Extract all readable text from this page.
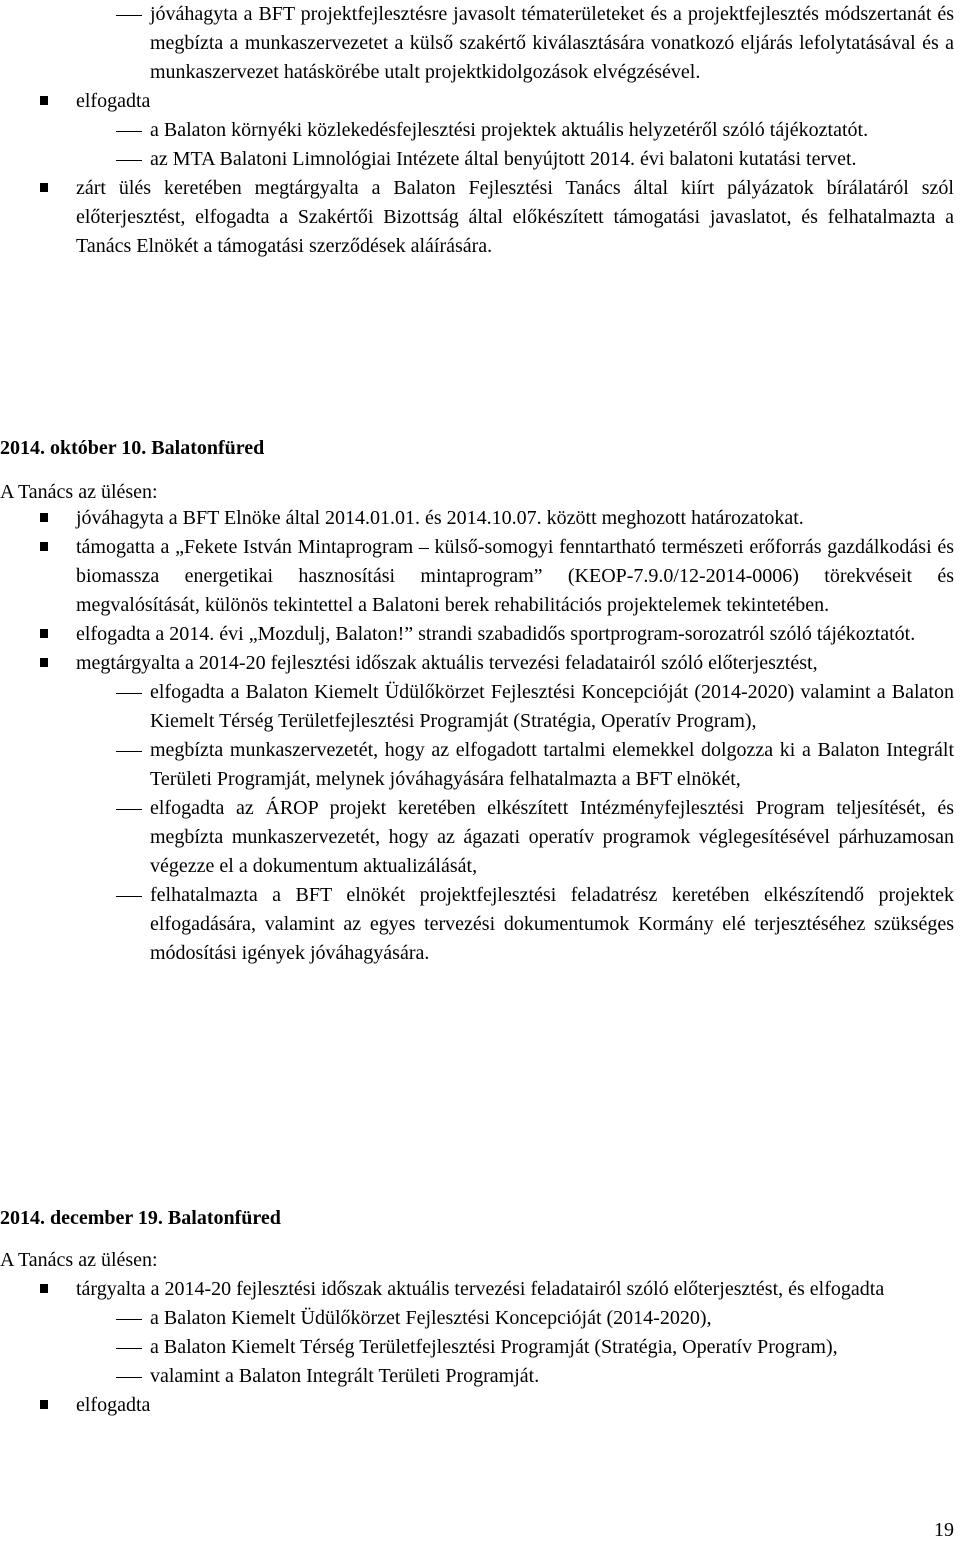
jóváhagyta a BFT projektfejlesztésre javasolt tématerületeket és a projektfejlesztés módszertanát és megbízta a munkaszervezetet a külső szakértő kiválasztására vonatkozó eljárás lefolytatásával és a munkaszervezet hatáskörébe utalt projektkidolgozások elvégzésével.
elfogadta
a Balaton környéki közlekedésfejlesztési projektek aktuális helyzetéről szóló tájékoztatót.
az MTA Balatoni Limnológiai Intézete által benyújtott 2014. évi balatoni kutatási tervet.
zárt ülés keretében megtárgyalta a Balaton Fejlesztési Tanács által kiírt pályázatok bírálatáról szól előterjesztést, elfogadta a Szakértői Bizottság által előkészített támogatási javaslatot, és felhatalmazta a Tanács Elnökét a támogatási szerződések aláírására.
2014. október 10. Balatonfüred
A Tanács az ülésen:
jóváhagyta a BFT Elnöke által 2014.01.01. és 2014.10.07. között meghozott határozatokat.
támogatta a „Fekete István Mintaprogram – külső-somogyi fenntartható természeti erőforrás gazdálkodási és biomassza energetikai hasznosítási mintaprogram” (KEOP-7.9.0/12-2014-0006) törekvéseit és megvalósítását, különös tekintettel a Balatoni berek rehabilitációs projektelemek tekintetében.
elfogadta a 2014. évi „Mozdulj, Balaton!” strandi szabadidős sportprogram-sorozatról szóló tájékoztatót.
megtárgyalta a 2014-20 fejlesztési időszak aktuális tervezési feladatairól szóló előterjesztést,
elfogadta a Balaton Kiemelt Üdülőkörzet Fejlesztési Koncepcióját (2014-2020) valamint a Balaton Kiemelt Térség Területfejlesztési Programját (Stratégia, Operatív Program),
megbízta munkaszervezetét, hogy az elfogadott tartalmi elemekkel dolgozza ki a Balaton Integrált Területi Programját, melynek jóváhagyására felhatalmazta a BFT elnökét,
elfogadta az ÁROP projekt keretében elkészített Intézményfejlesztési Program teljesítését, és megbízta munkaszervezetét, hogy az ágazati operatív programok véglegesítésével párhuzamosan végezze el a dokumentum aktualizálását,
felhatalmazta a BFT elnökét projektfejlesztési feladatrész keretében elkészítendő projektek elfogadására, valamint az egyes tervezési dokumentumok Kormány elé terjesztéséhez szükséges módosítási igények jóváhagyására.
2014. december 19. Balatonfüred
A Tanács az ülésen:
tárgyalta a 2014-20 fejlesztési időszak aktuális tervezési feladatairól szóló előterjesztést, és elfogadta
a Balaton Kiemelt Üdülőkörzet Fejlesztési Koncepcióját (2014-2020),
a Balaton Kiemelt Térség Területfejlesztési Programját (Stratégia, Operatív Program),
valamint a Balaton Integrált Területi Programját.
elfogadta
19
